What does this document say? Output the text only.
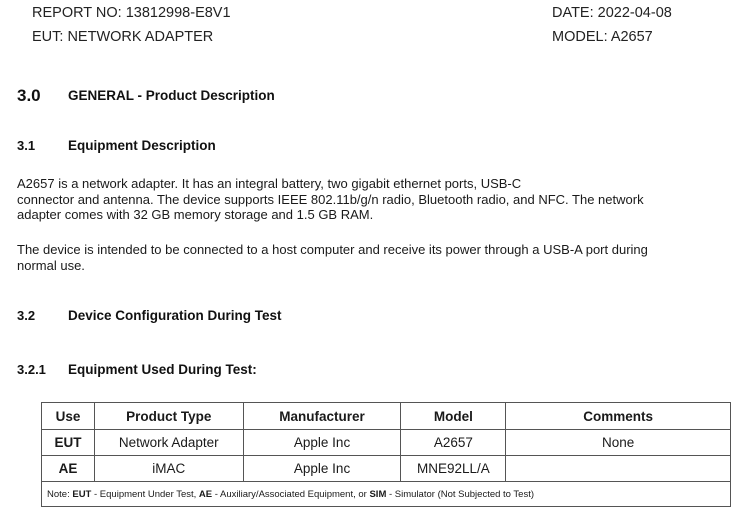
REPORT NO: 13812998-E8V1	DATE: 2022-04-08
EUT: NETWORK ADAPTER	MODEL: A2657
3.0 GENERAL - Product Description
3.1 Equipment Description
A2657 is a network adapter. It has an integral battery, two gigabit ethernet ports, USB-C
connector and antenna. The device supports IEEE 802.11b/g/n radio, Bluetooth radio, and NFC. The network
adapter comes with 32 GB memory storage and 1.5 GB RAM.
The device is intended to be connected to a host computer and receive its power through a USB-A port during
normal use.
3.2 Device Configuration During Test
3.2.1 Equipment Used During Test:
Use	Product Type	Manufacturer	Model	Comments
EUT	Network Adapter	Apple Inc	A2657	None
AE	iMAC	Apple Inc	MNE92LL/A	
Note: EUT - Equipment Under Test, AE - Auxiliary/Associated Equipment, or SIM - Simulator (Not Subjected to Test)				
